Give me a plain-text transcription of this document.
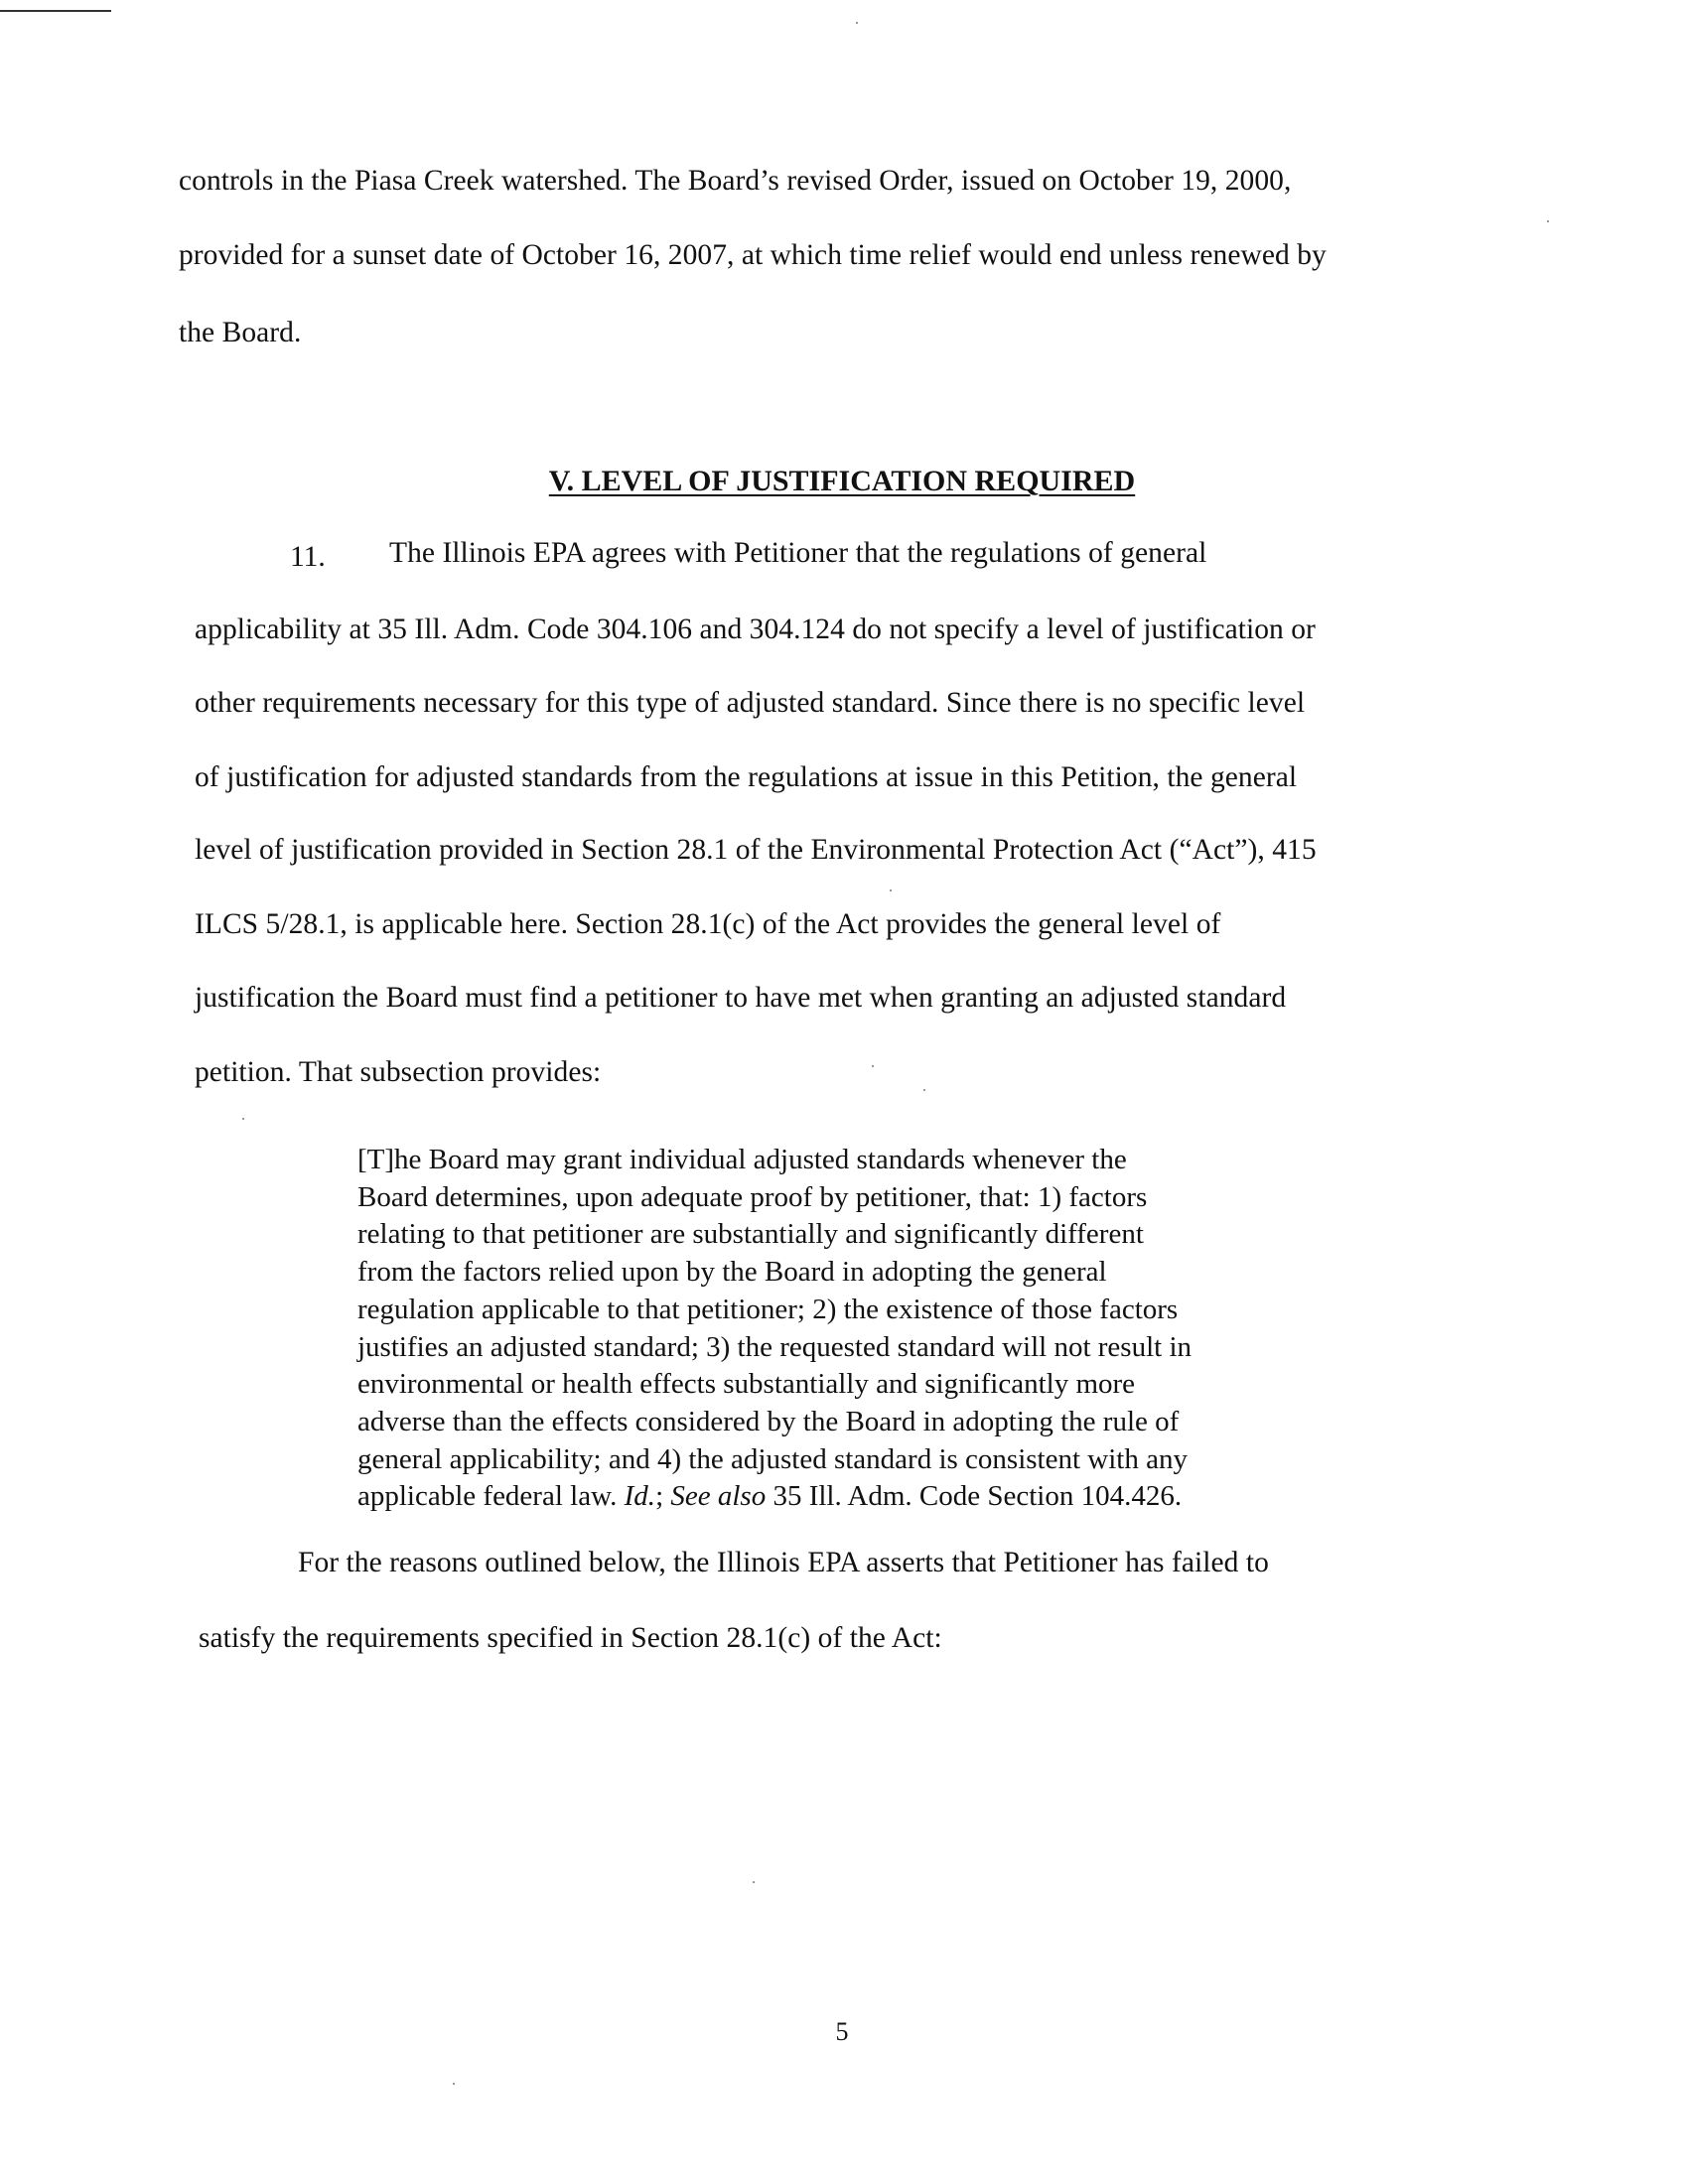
controls in the Piasa Creek watershed. The Board’s revised Order, issued on October 19, 2000,
provided for a sunset date of October 16, 2007, at which time relief would end unless renewed by
the Board.
V. LEVEL OF JUSTIFICATION REQUIRED
11. The Illinois EPA agrees with Petitioner that the regulations of general
applicability at 35 Ill. Adm. Code 304.106 and 304.124 do not specify a level of justification or
other requirements necessary for this type of adjusted standard. Since there is no specific level
of justification for adjusted standards from the regulations at issue in this Petition, the general
level of justification provided in Section 28.1 of the Environmental Protection Act (“Act”), 415
ILCS 5/28.1, is applicable here. Section 28.1(c) of the Act provides the general level of
justification the Board must find a petitioner to have met when granting an adjusted standard
petition. That subsection provides:
[T]he Board may grant individual adjusted standards whenever the
Board determines, upon adequate proof by petitioner, that: 1) factors
relating to that petitioner are substantially and significantly different
from the factors relied upon by the Board in adopting the general
regulation applicable to that petitioner; 2) the existence of those factors
justifies an adjusted standard; 3) the requested standard will not result in
environmental or health effects substantially and significantly more
adverse than the effects considered by the Board in adopting the rule of
general applicability; and 4) the adjusted standard is consistent with any
applicable federal law. Id.; See also 35 Ill. Adm. Code Section 104.426.
For the reasons outlined below, the Illinois EPA asserts that Petitioner has failed to
satisfy the requirements specified in Section 28.1(c) of the Act:
5
